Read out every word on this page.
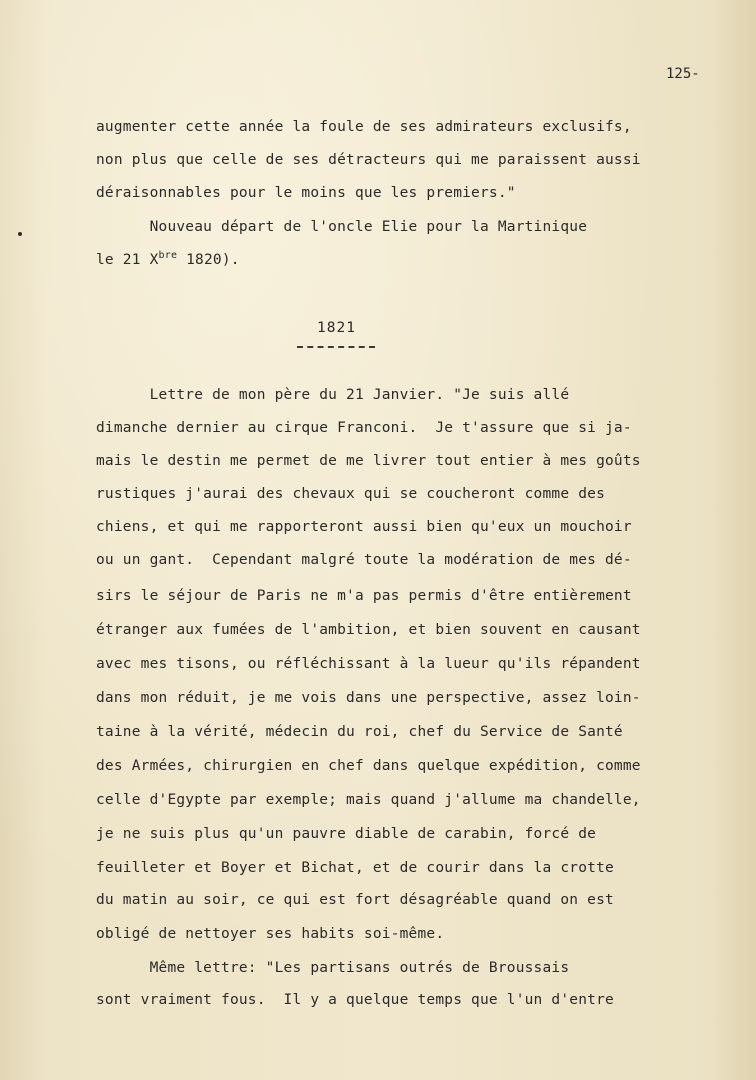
125-
augmenter cette année la foule de ses admirateurs exclusifs,
non plus que celle de ses détracteurs qui me paraissent aussi
déraisonnables pour le moins que les premiers."
Nouveau départ de l'oncle Elie pour la Martinique
le 21 $X^{bre}$ 1820).
1821
Lettre de mon père du 21 Janvier. "Je suis allé
dimanche dernier au cirque Franconi.  Je t'assure que si ja-
mais le destin me permet de me livrer tout entier à mes goûts
rustiques j'aurai des chevaux qui se coucheront comme des
chiens, et qui me rapporteront aussi bien qu'eux un mouchoir
ou un gant.  Cependant malgré toute la modération de mes dé-
sirs le séjour de Paris ne m'a pas permis d'être entièrement
étranger aux fumées de l'ambition, et bien souvent en causant
avec mes tisons, ou réfléchissant à la lueur qu'ils répandent
dans mon réduit, je me vois dans une perspective, assez loin-
taine à la vérité, médecin du roi, chef du Service de Santé
des Armées, chirurgien en chef dans quelque expédition, comme
celle d'Egypte par exemple; mais quand j'allume ma chandelle,
je ne suis plus qu'un pauvre diable de carabin, forcé de
feuilleter et Boyer et Bichat, et de courir dans la crotte
du matin au soir, ce qui est fort désagréable quand on est
obligé de nettoyer ses habits soi-même.
Même lettre: "Les partisans outrés de Broussais
sont vraiment fous.  Il y a quelque temps que l'un d'entre
